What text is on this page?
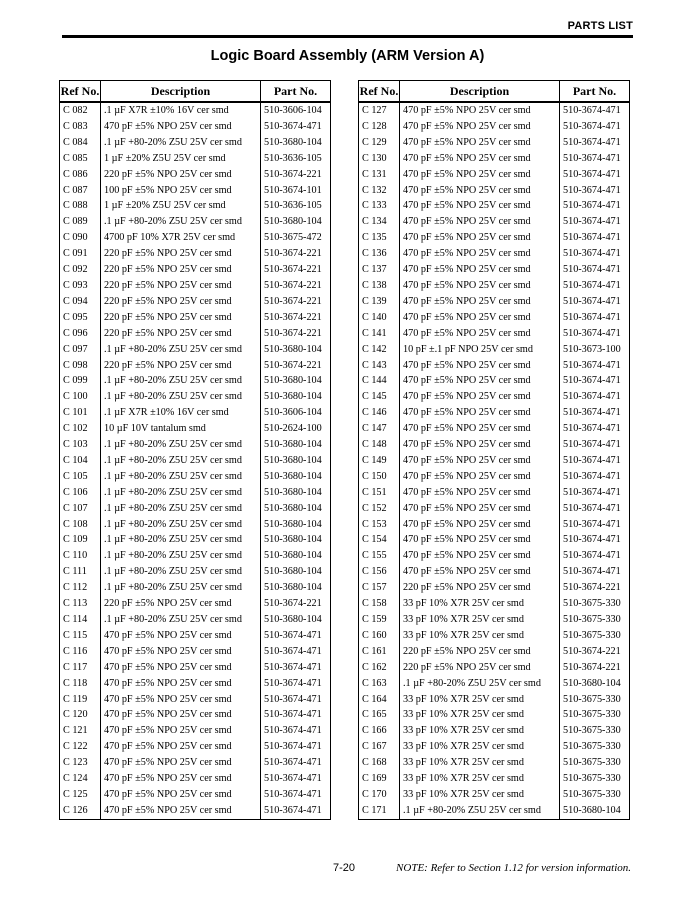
PARTS LIST
Logic Board Assembly (ARM Version A)
Ref No.	Description	Part No.
C 082	.1 µF X7R ±10% 16V cer smd	510-3606-104
C 083	470 pF ±5% NPO 25V cer smd	510-3674-471
C 084	.1 µF +80-20% Z5U 25V cer smd	510-3680-104
C 085	1 µF ±20% Z5U 25V cer smd	510-3636-105
C 086	220 pF ±5% NPO 25V cer smd	510-3674-221
C 087	100 pF ±5% NPO 25V cer smd	510-3674-101
C 088	1 µF ±20% Z5U 25V cer smd	510-3636-105
C 089	.1 µF +80-20% Z5U 25V cer smd	510-3680-104
C 090	4700 pF 10% X7R 25V cer smd	510-3675-472
C 091	220 pF ±5% NPO 25V cer smd	510-3674-221
C 092	220 pF ±5% NPO 25V cer smd	510-3674-221
C 093	220 pF ±5% NPO 25V cer smd	510-3674-221
C 094	220 pF ±5% NPO 25V cer smd	510-3674-221
C 095	220 pF ±5% NPO 25V cer smd	510-3674-221
C 096	220 pF ±5% NPO 25V cer smd	510-3674-221
C 097	.1 µF +80-20% Z5U 25V cer smd	510-3680-104
C 098	220 pF ±5% NPO 25V cer smd	510-3674-221
C 099	.1 µF +80-20% Z5U 25V cer smd	510-3680-104
C 100	.1 µF +80-20% Z5U 25V cer smd	510-3680-104
C 101	.1 µF X7R ±10% 16V cer smd	510-3606-104
C 102	10 µF 10V tantalum smd	510-2624-100
C 103	.1 µF +80-20% Z5U 25V cer smd	510-3680-104
C 104	.1 µF +80-20% Z5U 25V cer smd	510-3680-104
C 105	.1 µF +80-20% Z5U 25V cer smd	510-3680-104
C 106	.1 µF +80-20% Z5U 25V cer smd	510-3680-104
C 107	.1 µF +80-20% Z5U 25V cer smd	510-3680-104
C 108	.1 µF +80-20% Z5U 25V cer smd	510-3680-104
C 109	.1 µF +80-20% Z5U 25V cer smd	510-3680-104
C 110	.1 µF +80-20% Z5U 25V cer smd	510-3680-104
C 111	.1 µF +80-20% Z5U 25V cer smd	510-3680-104
C 112	.1 µF +80-20% Z5U 25V cer smd	510-3680-104
C 113	220 pF ±5% NPO 25V cer smd	510-3674-221
C 114	.1 µF +80-20% Z5U 25V cer smd	510-3680-104
C 115	470 pF ±5% NPO 25V cer smd	510-3674-471
C 116	470 pF ±5% NPO 25V cer smd	510-3674-471
C 117	470 pF ±5% NPO 25V cer smd	510-3674-471
C 118	470 pF ±5% NPO 25V cer smd	510-3674-471
C 119	470 pF ±5% NPO 25V cer smd	510-3674-471
C 120	470 pF ±5% NPO 25V cer smd	510-3674-471
C 121	470 pF ±5% NPO 25V cer smd	510-3674-471
C 122	470 pF ±5% NPO 25V cer smd	510-3674-471
C 123	470 pF ±5% NPO 25V cer smd	510-3674-471
C 124	470 pF ±5% NPO 25V cer smd	510-3674-471
C 125	470 pF ±5% NPO 25V cer smd	510-3674-471
C 126	470 pF ±5% NPO 25V cer smd	510-3674-471
Ref No.	Description	Part No.
C 127	470 pF ±5% NPO 25V cer smd	510-3674-471
C 128	470 pF ±5% NPO 25V cer smd	510-3674-471
C 129	470 pF ±5% NPO 25V cer smd	510-3674-471
C 130	470 pF ±5% NPO 25V cer smd	510-3674-471
C 131	470 pF ±5% NPO 25V cer smd	510-3674-471
C 132	470 pF ±5% NPO 25V cer smd	510-3674-471
C 133	470 pF ±5% NPO 25V cer smd	510-3674-471
C 134	470 pF ±5% NPO 25V cer smd	510-3674-471
C 135	470 pF ±5% NPO 25V cer smd	510-3674-471
C 136	470 pF ±5% NPO 25V cer smd	510-3674-471
C 137	470 pF ±5% NPO 25V cer smd	510-3674-471
C 138	470 pF ±5% NPO 25V cer smd	510-3674-471
C 139	470 pF ±5% NPO 25V cer smd	510-3674-471
C 140	470 pF ±5% NPO 25V cer smd	510-3674-471
C 141	470 pF ±5% NPO 25V cer smd	510-3674-471
C 142	10 pF ±.1 pF NPO 25V cer smd	510-3673-100
C 143	470 pF ±5% NPO 25V cer smd	510-3674-471
C 144	470 pF ±5% NPO 25V cer smd	510-3674-471
C 145	470 pF ±5% NPO 25V cer smd	510-3674-471
C 146	470 pF ±5% NPO 25V cer smd	510-3674-471
C 147	470 pF ±5% NPO 25V cer smd	510-3674-471
C 148	470 pF ±5% NPO 25V cer smd	510-3674-471
C 149	470 pF ±5% NPO 25V cer smd	510-3674-471
C 150	470 pF ±5% NPO 25V cer smd	510-3674-471
C 151	470 pF ±5% NPO 25V cer smd	510-3674-471
C 152	470 pF ±5% NPO 25V cer smd	510-3674-471
C 153	470 pF ±5% NPO 25V cer smd	510-3674-471
C 154	470 pF ±5% NPO 25V cer smd	510-3674-471
C 155	470 pF ±5% NPO 25V cer smd	510-3674-471
C 156	470 pF ±5% NPO 25V cer smd	510-3674-471
C 157	220 pF ±5% NPO 25V cer smd	510-3674-221
C 158	33 pF 10% X7R 25V cer smd	510-3675-330
C 159	33 pF 10% X7R 25V cer smd	510-3675-330
C 160	33 pF 10% X7R 25V cer smd	510-3675-330
C 161	220 pF ±5% NPO 25V cer smd	510-3674-221
C 162	220 pF ±5% NPO 25V cer smd	510-3674-221
C 163	.1 µF +80-20% Z5U 25V cer smd	510-3680-104
C 164	33 pF 10% X7R 25V cer smd	510-3675-330
C 165	33 pF 10% X7R 25V cer smd	510-3675-330
C 166	33 pF 10% X7R 25V cer smd	510-3675-330
C 167	33 pF 10% X7R 25V cer smd	510-3675-330
C 168	33 pF 10% X7R 25V cer smd	510-3675-330
C 169	33 pF 10% X7R 25V cer smd	510-3675-330
C 170	33 pF 10% X7R 25V cer smd	510-3675-330
C 171	.1 µF +80-20% Z5U 25V cer smd	510-3680-104
7-20	NOTE: Refer to Section 1.12 for version information.
